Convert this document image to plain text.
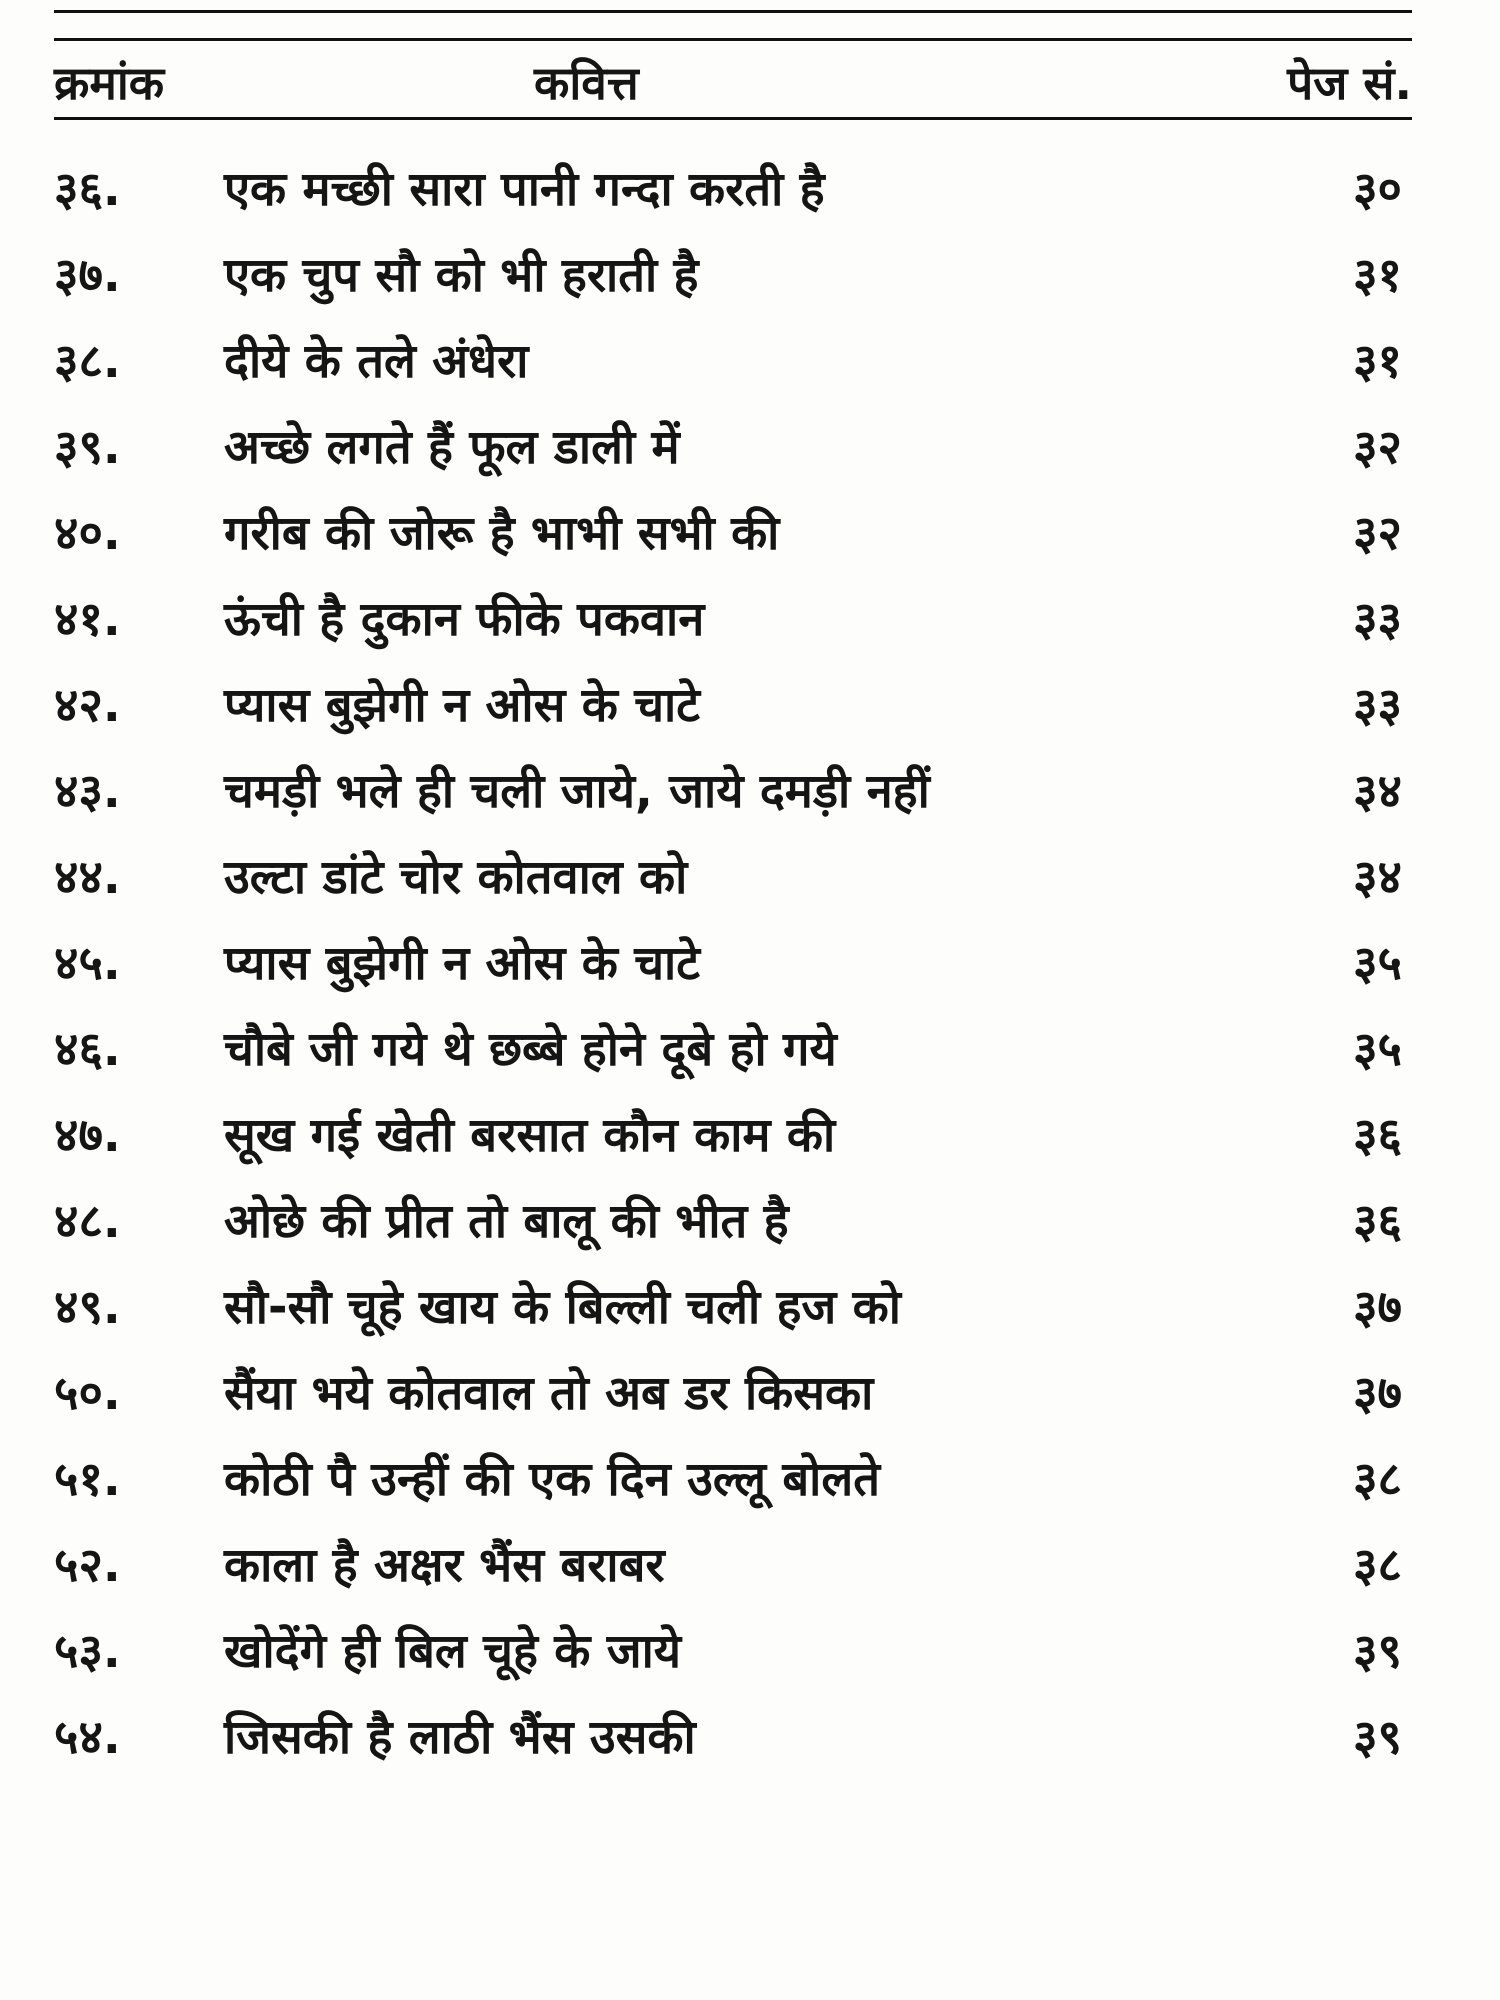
क्रमांक	कवित्त	पेज सं.
३६. एक मच्छी सारा पानी गन्दा करती है	३०
३७. एक चुप सौ को भी हराती है	३१
३८. दीये के तले अंधेरा	३१
३९. अच्छे लगते हैं फूल डाली में	३२
४०. गरीब की जोरू है भाभी सभी की	३२
४१. ऊंची है दुकान फीके पकवान	३३
४२. प्यास बुझेगी न ओस के चाटे	३३
४३. चमड़ी भले ही चली जाये, जाये दमड़ी नहीं	३४
४४. उल्टा डांटे चोर कोतवाल को	३४
४५. प्यास बुझेगी न ओस के चाटे	३५
४६. चौबे जी गये थे छब्बे होने दूबे हो गये	३५
४७. सूख गई खेती बरसात कौन काम की	३६
४८. ओछे की प्रीत तो बालू की भीत है	३६
४९. सौ-सौ चूहे खाय के बिल्ली चली हज को	३७
५०. सैंया भये कोतवाल तो अब डर किसका	३७
५१. कोठी पै उन्हीं की एक दिन उल्लू बोलते	३८
५२. काला है अक्षर भैंस बराबर	३८
५३. खोदेंगे ही बिल चूहे के जाये	३९
५४. जिसकी है लाठी भैंस उसकी	३९
